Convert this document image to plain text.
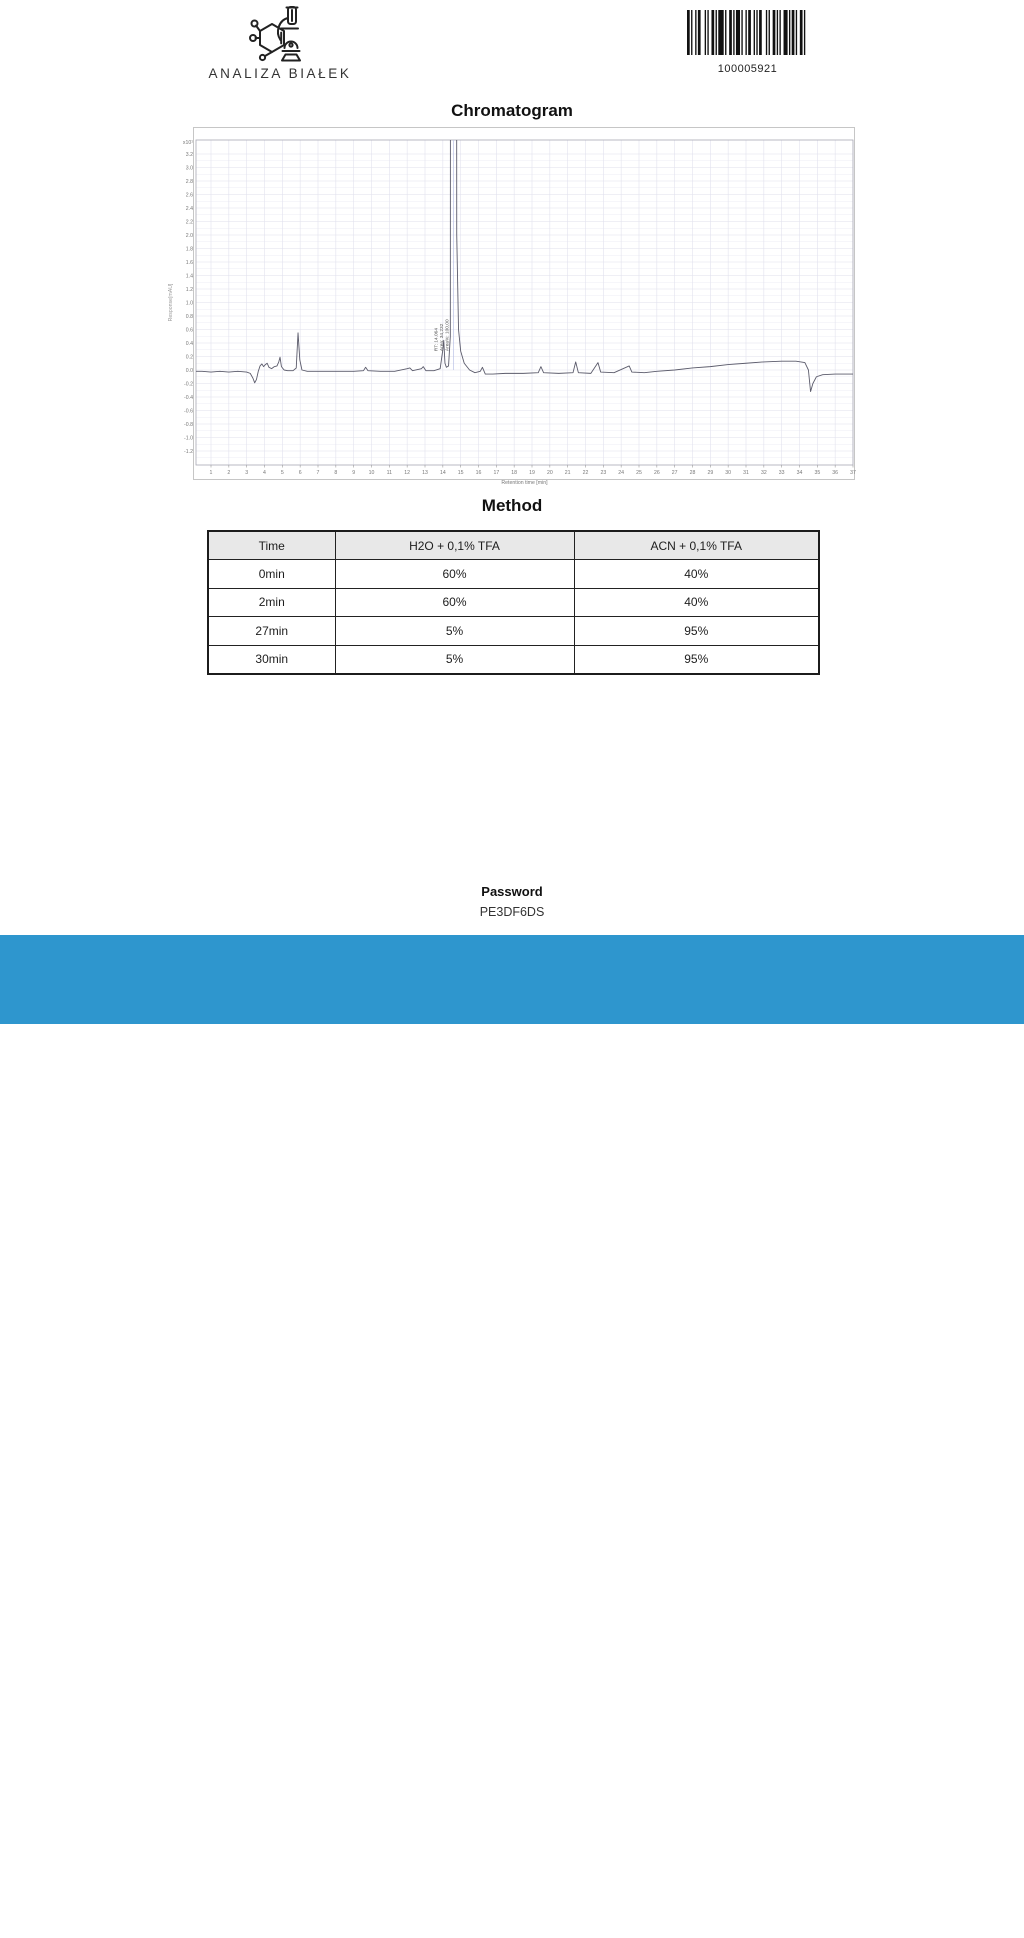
ANALIZA BIAŁEK	100005921
Chromatogram
3.2
3.0
2.8
2.6
2.4
2.2
2.0
1.8
1.6
1.4
1.2
1.0
0.8
0.6
0.4
0.2
0.0
-0.2
-0.4
-0.6
-0.8
-1.0
-1.2
x10¹
Response[mAU]
1	2	3	4	5	6	7	8	9	10 11 12 13 14 15 16 17 18 19 20 21 22 23 24 25 26 27 28 29 30 31 32 33 34 35 36 37
Retention time [min]
RT: 14.064 Area: 34,232 Area%: 100,00
Method
Time	H2O + 0,1% TFA	ACN + 0,1% TFA
0min	60%	40%
2min	60%	40%
27min	5%	95%
30min	5%	95%
Password
PE3DF6DS
Analiza Białek sp. z o.o.
KRS: 0000966168
NIP: 8992922970
REGON: 521751875
Headquarters and Laboratory:
ul. Duńska 9, 54-427 Wrocław
Budynek DELTA
Lab technician:
Analysis and research specialist
mgr Arkadiusz Zając
